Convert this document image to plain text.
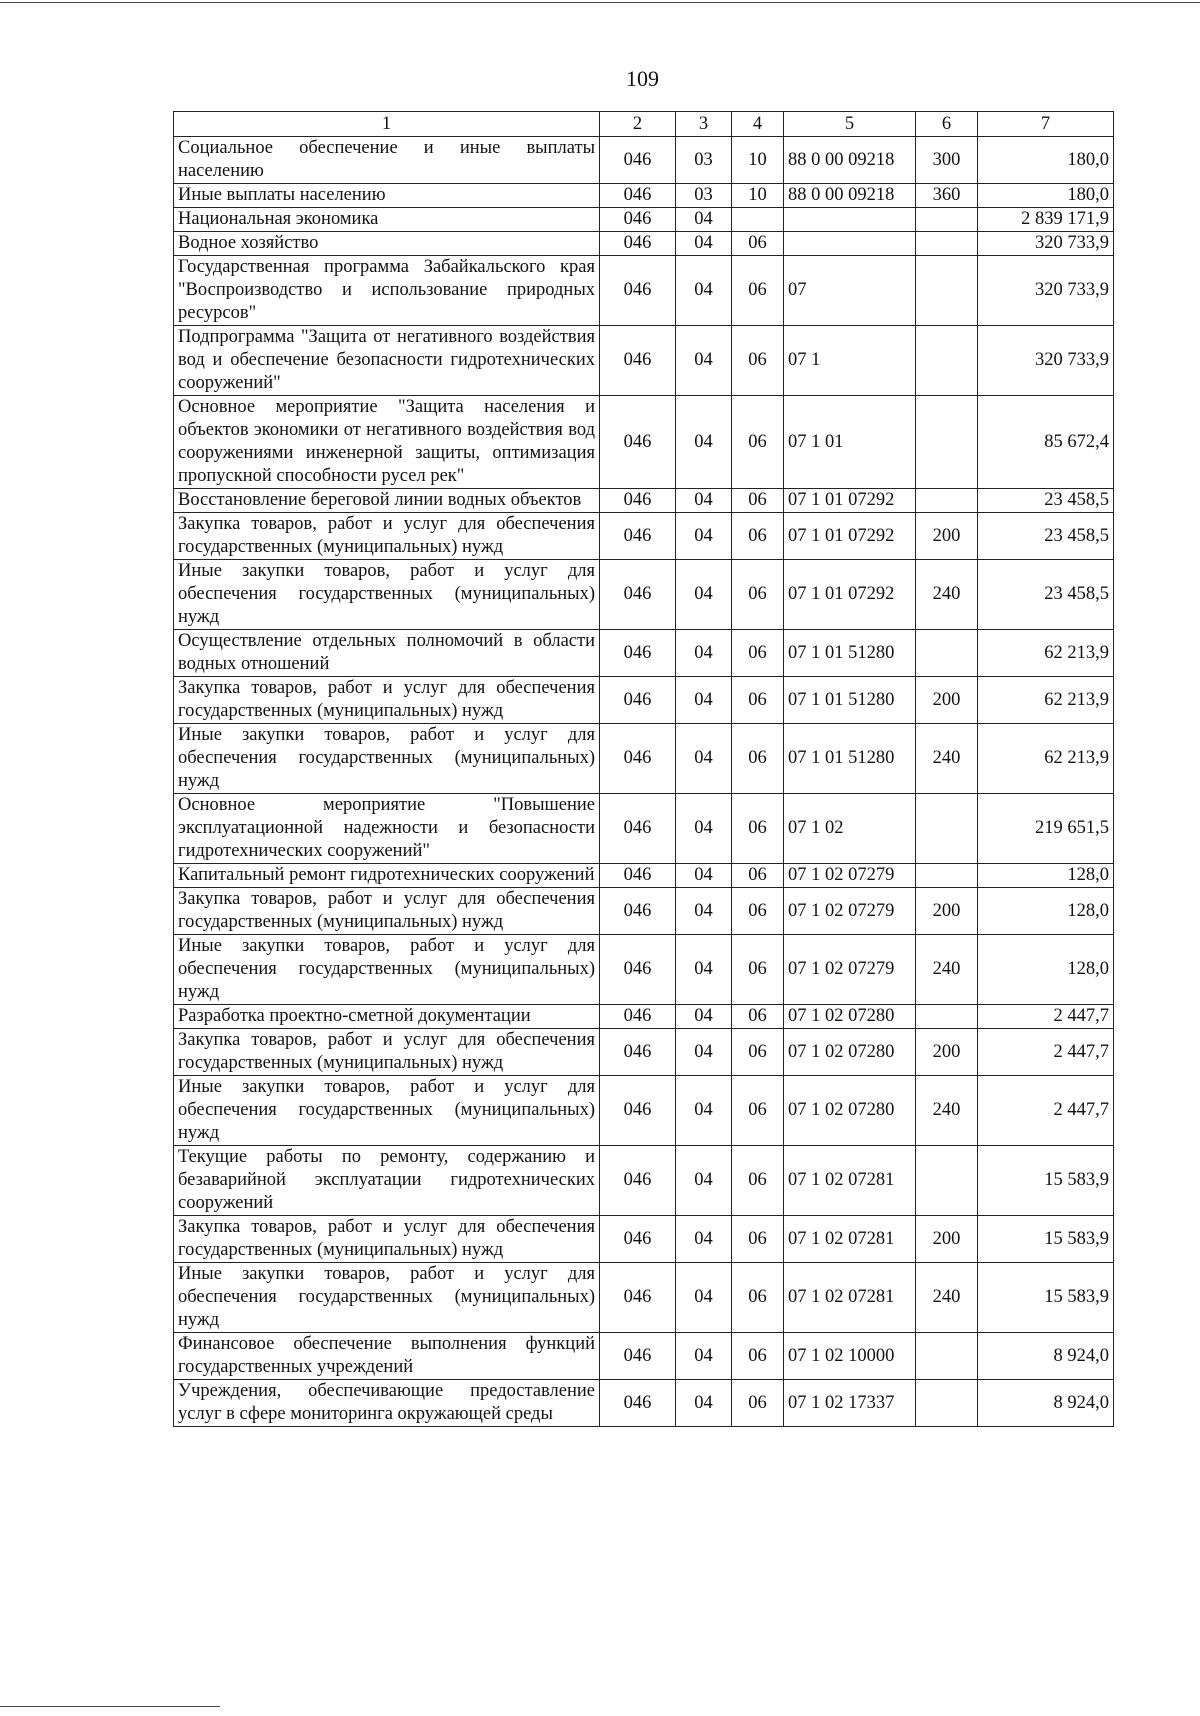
109
1	2	3	4	5	6	7
Социальное обеспечение и иные выплаты населению	046	03	10	88 0 00 09218	300	180,0
Иные выплаты населению	046	03	10	88 0 00 09218	360	180,0
Национальная экономика	046	04				2 839 171,9
Водное хозяйство	046	04	06			320 733,9
Государственная программа Забайкальского края "Воспроизводство и использование природных ресурсов"	046	04	06	07		320 733,9
Подпрограмма "Защита от негативного воздействия вод и обеспечение безопасности гидротехнических сооружений"	046	04	06	07 1		320 733,9
Основное мероприятие "Защита населения и объектов экономики от негативного воздействия вод сооружениями инженерной защиты, оптимизация пропускной способности русел рек"	046	04	06	07 1 01		85 672,4
Восстановление береговой линии водных объектов	046	04	06	07 1 01 07292		23 458,5
Закупка товаров, работ и услуг для обеспечения государственных (муниципальных) нужд	046	04	06	07 1 01 07292	200	23 458,5
Иные закупки товаров, работ и услуг для обеспечения государственных (муниципальных) нужд	046	04	06	07 1 01 07292	240	23 458,5
Осуществление отдельных полномочий в области водных отношений	046	04	06	07 1 01 51280		62 213,9
Закупка товаров, работ и услуг для обеспечения государственных (муниципальных) нужд	046	04	06	07 1 01 51280	200	62 213,9
Иные закупки товаров, работ и услуг для обеспечения государственных (муниципальных) нужд	046	04	06	07 1 01 51280	240	62 213,9
Основное мероприятие "Повышение эксплуатационной надежности и безопасности гидротехнических сооружений"	046	04	06	07 1 02		219 651,5
Капитальный ремонт гидротехнических сооружений	046	04	06	07 1 02 07279		128,0
Закупка товаров, работ и услуг для обеспечения государственных (муниципальных) нужд	046	04	06	07 1 02 07279	200	128,0
Иные закупки товаров, работ и услуг для обеспечения государственных (муниципальных) нужд	046	04	06	07 1 02 07279	240	128,0
Разработка проектно-сметной документации	046	04	06	07 1 02 07280		2 447,7
Закупка товаров, работ и услуг для обеспечения государственных (муниципальных) нужд	046	04	06	07 1 02 07280	200	2 447,7
Иные закупки товаров, работ и услуг для обеспечения государственных (муниципальных) нужд	046	04	06	07 1 02 07280	240	2 447,7
Текущие работы по ремонту, содержанию и безаварийной эксплуатации гидротехнических сооружений	046	04	06	07 1 02 07281		15 583,9
Закупка товаров, работ и услуг для обеспечения государственных (муниципальных) нужд	046	04	06	07 1 02 07281	200	15 583,9
Иные закупки товаров, работ и услуг для обеспечения государственных (муниципальных) нужд	046	04	06	07 1 02 07281	240	15 583,9
Финансовое обеспечение выполнения функций государственных учреждений	046	04	06	07 1 02 10000		8 924,0
Учреждения, обеспечивающие предоставление услуг в сфере мониторинга окружающей среды	046	04	06	07 1 02 17337		8 924,0
